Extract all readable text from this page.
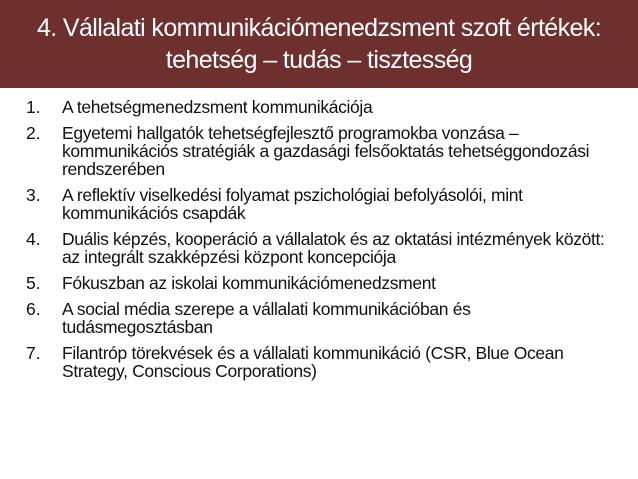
4. Vállalati kommunikációmenedzsment szoft értékek: tehetség – tudás – tisztesség
1.	A tehetségmenedzsment kommunikációja
2.	Egyetemi hallgatók tehetségfejlesztő programokba vonzása – kommunikációs stratégiák a gazdasági felsőoktatás tehetséggondozási rendszerében
3.	A reflektív viselkedési folyamat pszichológiai befolyásolói, mint kommunikációs csapdák
4.	Duális képzés, kooperáció a vállalatok és az oktatási intézmények között: az integrált szakképzési központ koncepciója
5.	Fókuszban az iskolai kommunikációmenedzsment
6.	A social média szerepe a vállalati kommunikációban és tudásmegosztásban
7.	Filantróp törekvések és a vállalati kommunikáció (CSR, Blue Ocean Strategy, Conscious Corporations)
